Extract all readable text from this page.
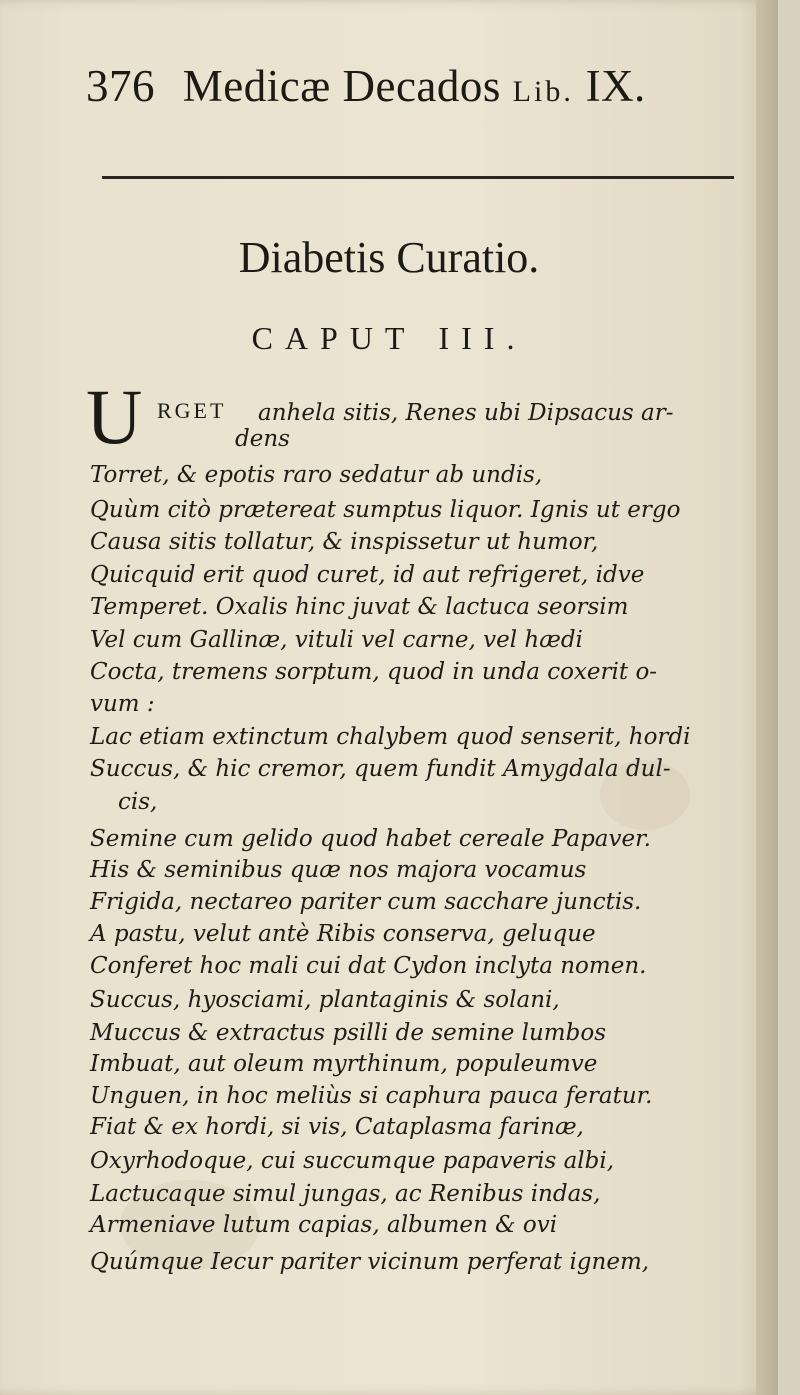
376 Medicæ Decados Lib. IX.
Diabetis Curatio.
CAPUT III.
U RGET anhela sitis, Renes ubi Dipsacus ar-
dens
Torret, & epotis raro sedatur ab undis,
Quùm citò prætereat sumptus liquor. Ignis ut ergo
Causa sitis tollatur, & inspissetur ut humor,
Quicquid erit quod curet, id aut refrigeret, idve
Temperet. Oxalis hinc juvat & lactuca seorsim
Vel cum Gallinæ, vituli vel carne, vel hædi
Cocta, tremens sorptum, quod in unda coxerit o-
vum :
Lac etiam extinctum chalybem quod senserit, hordi
Succus, & hic cremor, quem fundit Amygdala dul-
cis,
Semine cum gelido quod habet cereale Papaver.
His & seminibus quæ nos majora vocamus
Frigida, nectareo pariter cum sacchare junctis.
A pastu, velut antè Ribis conserva, geluque
Conferet hoc mali cui dat Cydon inclyta nomen.
Succus, hyosciami, plantaginis & solani,
Muccus & extractus psilli de semine lumbos
Imbuat, aut oleum myrthinum, populeumve
Unguen, in hoc meliùs si caphura pauca feratur.
Fiat & ex hordi, si vis, Cataplasma farinæ,
Oxyrhodoque, cui succumque papaveris albi,
Lactucaque simul jungas, ac Renibus indas,
Armeniave lutum capias, albumen & ovi
Quúmque Iecur pariter vicinum perferat ignem,
